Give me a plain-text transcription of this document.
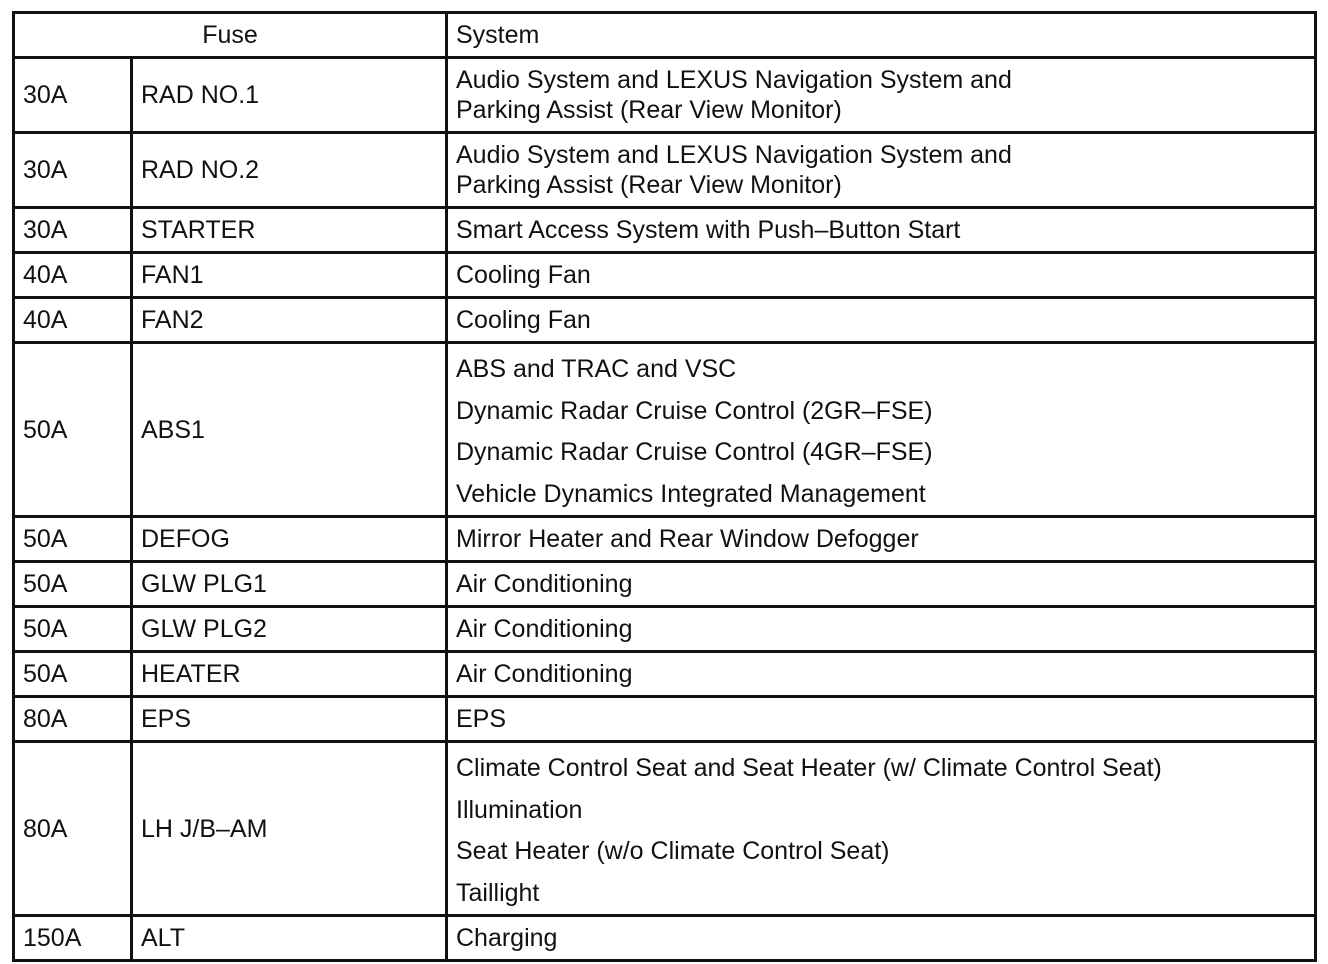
Fuse		System
30A	RAD NO.1	Audio System and LEXUS Navigation System and
Parking Assist (Rear View Monitor)

30A	RAD NO.2	Audio System and LEXUS Navigation System and
Parking Assist (Rear View Monitor)

30A	STARTER	Smart Access System with Push–Button Start
40A	FAN1	Cooling Fan
40A	FAN2	Cooling Fan
50A	ABS1	ABS and TRAC and VSC
Dynamic Radar Cruise Control (2GR–FSE)
Dynamic Radar Cruise Control (4GR–FSE)
Vehicle Dynamics Integrated Management

50A	DEFOG	Mirror Heater and Rear Window Defogger
50A	GLW PLG1	Air Conditioning
50A	GLW PLG2	Air Conditioning
50A	HEATER	Air Conditioning
80A	EPS	EPS
80A	LH J/B–AM	Climate Control Seat and Seat Heater (w/ Climate Control Seat)
Illumination
Seat Heater (w/o Climate Control Seat)
Taillight

150A	ALT	Charging
